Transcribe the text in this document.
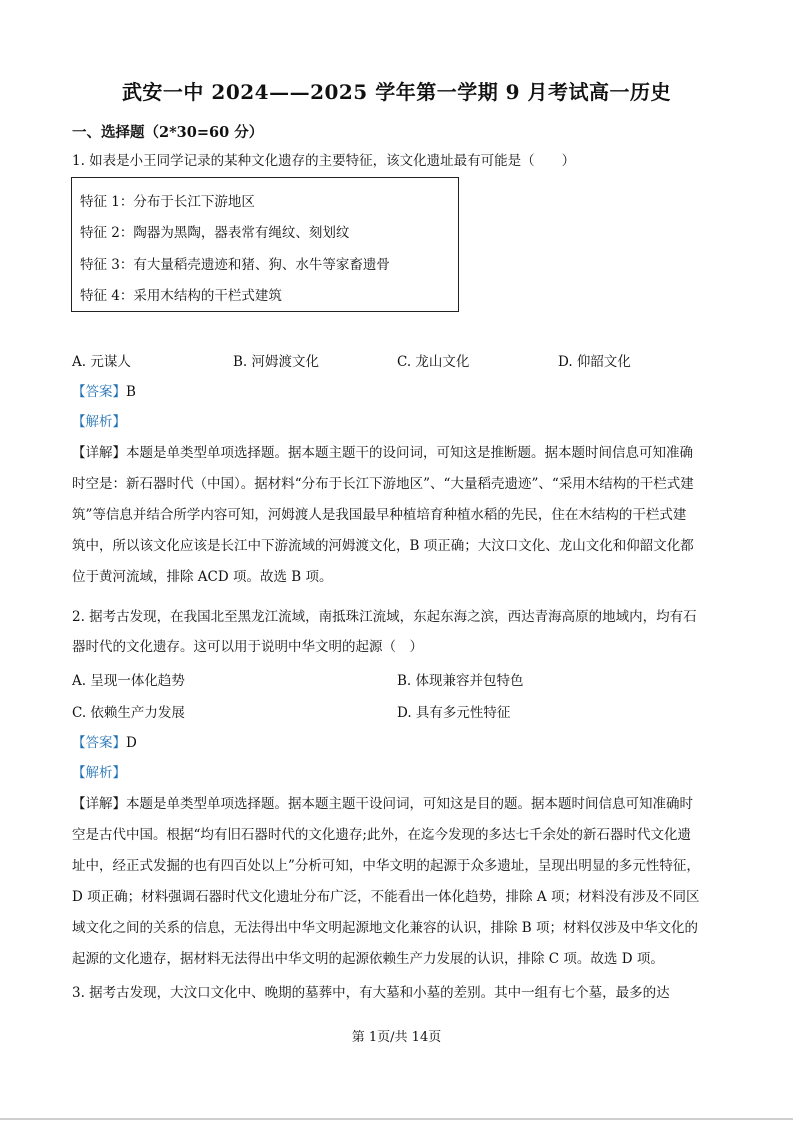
武安一中 2024——2025 学年第一学期 9 月考试高一历史
一、选择题（2*30=60 分）
1. 如表是小王同学记录的某种文化遗存的主要特征，该文化遗址最有可能是（　　）
特征 1：分布于长江下游地区
特征 2：陶器为黑陶，器表常有绳纹、刻划纹
特征 3：有大量稻壳遗迹和猪、狗、水牛等家畜遗骨
特征 4：采用木结构的干栏式建筑
A. 元谋人	B. 河姆渡文化	C. 龙山文化	D. 仰韶文化
【答案】B
【解析】
【详解】本题是单类型单项选择题。据本题主题干的设问词，可知这是推断题。据本题时间信息可知准确
时空是：新石器时代（中国）。据材料“分布于长江下游地区”、“大量稻壳遗迹”、“采用木结构的干栏式建
筑”等信息并结合所学内容可知，河姆渡人是我国最早种植培育种植水稻的先民，住在木结构的干栏式建
筑中，所以该文化应该是长江中下游流域的河姆渡文化，B 项正确；大汶口文化、龙山文化和仰韶文化都
位于黄河流域，排除 ACD 项。故选 B 项。
2. 据考古发现，在我国北至黑龙江流域，南抵珠江流域，东起东海之滨，西达青海高原的地域内，均有石
器时代的文化遗存。这可以用于说明中华文明的起源（　）
A. 呈现一体化趋势	B. 体现兼容并包特色
C. 依赖生产力发展	D. 具有多元性特征
【答案】D
【解析】
【详解】本题是单类型单项选择题。据本题主题干设问词，可知这是目的题。据本题时间信息可知准确时
空是古代中国。根据“均有旧石器时代的文化遗存;此外，在迄今发现的多达七千余处的新石器时代文化遗
址中，经正式发掘的也有四百处以上”分析可知，中华文明的起源于众多遗址，呈现出明显的多元性特征，
D 项正确；材料强调石器时代文化遗址分布广泛，不能看出一体化趋势，排除 A 项；材料没有涉及不同区
域文化之间的关系的信息，无法得出中华文明起源地文化兼容的认识，排除 B 项；材料仅涉及中华文化的
起源的文化遗存，据材料无法得出中华文明的起源依赖生产力发展的认识，排除 C 项。故选 D 项。
3. 据考古发现，大汶口文化中、晚期的墓葬中，有大墓和小墓的差别。其中一组有七个墓，最多的达
第 1页/共 14页
